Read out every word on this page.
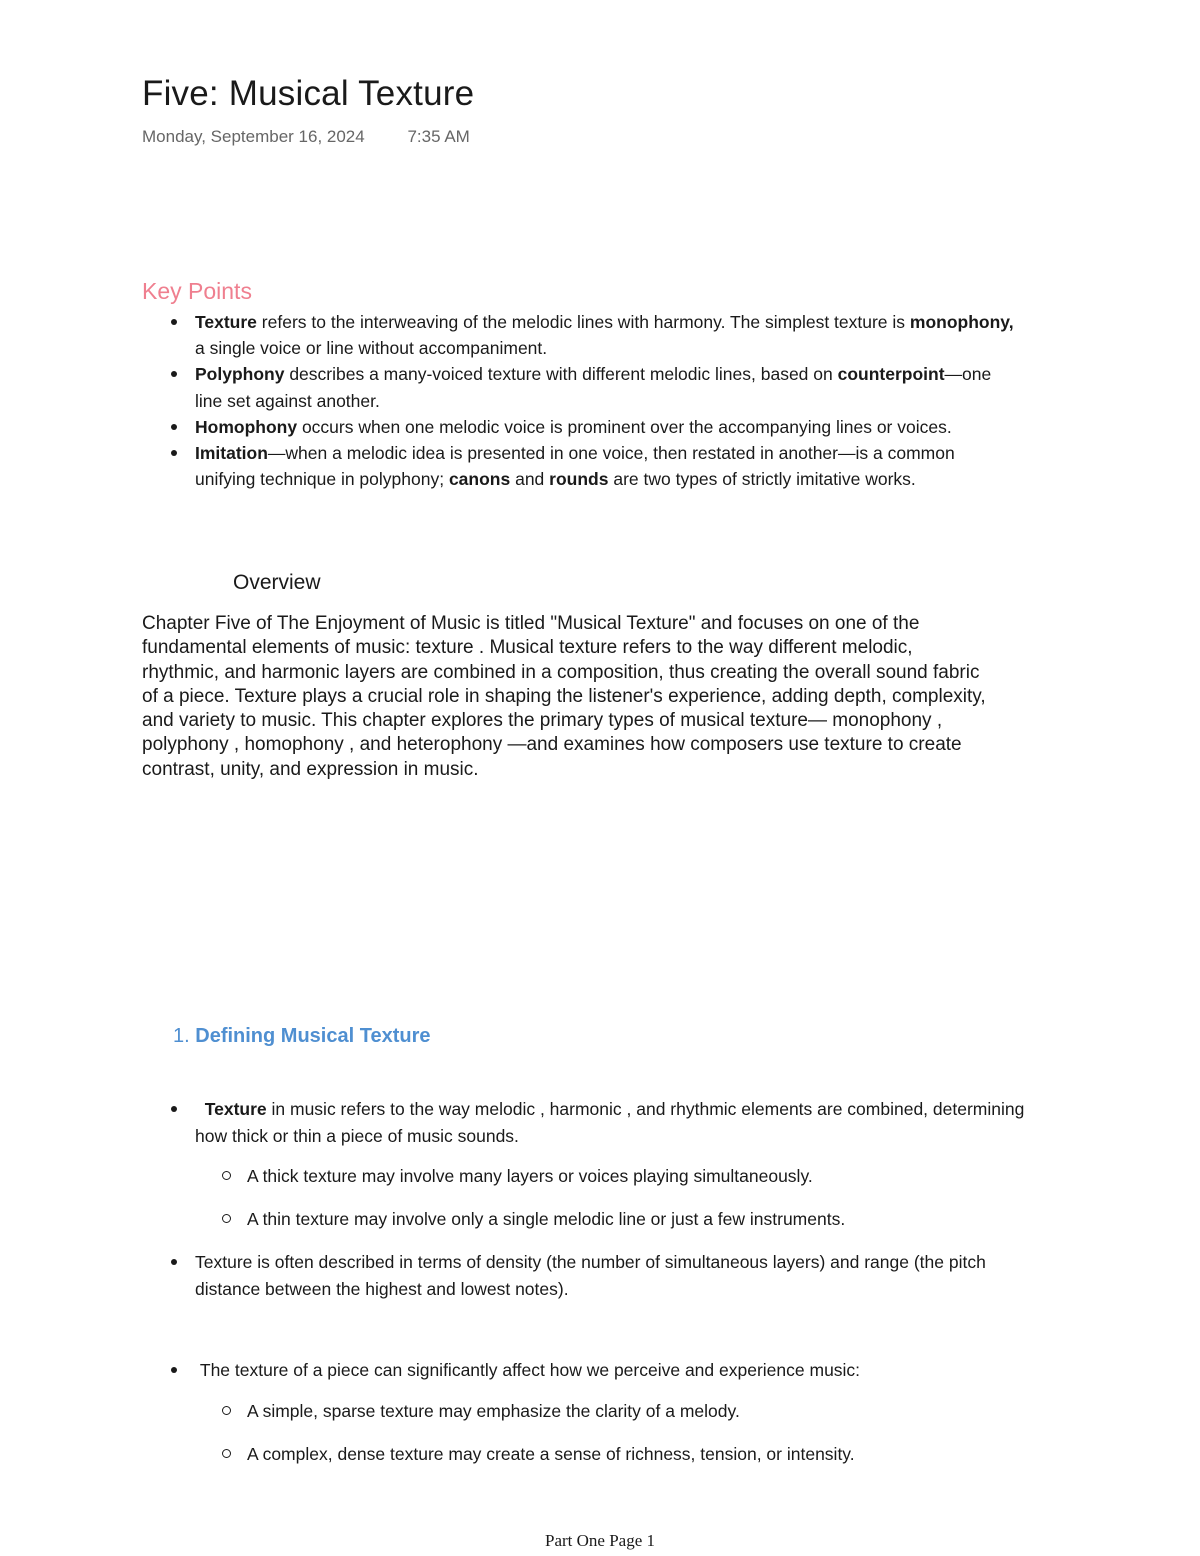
Five: Musical Texture
Monday, September 16, 2024	7:35 AM
Key Points
Texture refers to the interweaving of the melodic lines with harmony. The simplest texture is monophony, a single voice or line without accompaniment.
Polyphony describes a many-voiced texture with different melodic lines, based on counterpoint—one line set against another.
Homophony occurs when one melodic voice is prominent over the accompanying lines or voices.
Imitation—when a melodic idea is presented in one voice, then restated in another—is a common unifying technique in polyphony; canons and rounds are two types of strictly imitative works.
Overview

Chapter Five of The Enjoyment of Music is titled "Musical Texture" and focuses on one of the fundamental elements of music: texture . Musical texture refers to the way different melodic, rhythmic, and harmonic layers are combined in a composition, thus creating the overall sound fabric of a piece. Texture plays a crucial role in shaping the listener's experience, adding depth, complexity, and variety to music. This chapter explores the primary types of musical texture— monophony , polyphony , homophony , and heterophony —and examines how composers use texture to create contrast, unity, and expression in music.

1. Defining Musical Texture
Texture in music refers to the way melodic , harmonic , and rhythmic elements are combined, determining how thick or thin a piece of music sounds.
A thick texture may involve many layers or voices playing simultaneously.
A thin texture may involve only a single melodic line or just a few instruments.
Texture is often described in terms of density (the number of simultaneous layers) and range (the pitch distance between the highest and lowest notes).
The texture of a piece can significantly affect how we perceive and experience music:
A simple, sparse texture may emphasize the clarity of a melody.
A complex, dense texture may create a sense of richness, tension, or intensity.
Part One Page 1
